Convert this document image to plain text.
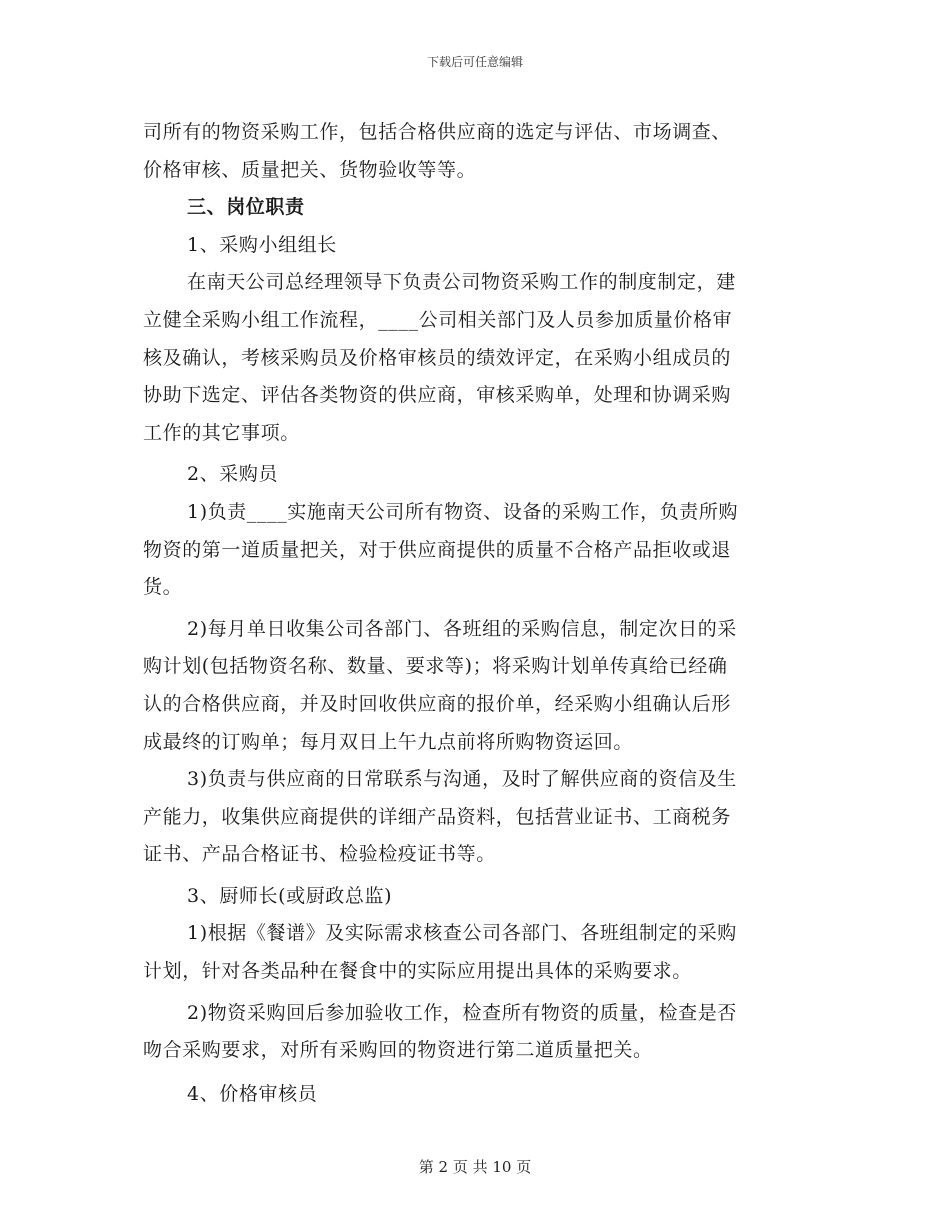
下载后可任意编辑
司所有的物资采购工作，包括合格供应商的选定与评估、市场调查、
价格审核、质量把关、货物验收等等。
三、岗位职责
1、采购小组组长
在南天公司总经理领导下负责公司物资采购工作的制度制定，建
立健全采购小组工作流程，____公司相关部门及人员参加质量价格审
核及确认，考核采购员及价格审核员的绩效评定，在采购小组成员的
协助下选定、评估各类物资的供应商，审核采购单，处理和协调采购
工作的其它事项。
2、采购员
1)负责____实施南天公司所有物资、设备的采购工作，负责所购
物资的第一道质量把关，对于供应商提供的质量不合格产品拒收或退
货。
2)每月单日收集公司各部门、各班组的采购信息，制定次日的采
购计划(包括物资名称、数量、要求等)；将采购计划单传真给已经确
认的合格供应商，并及时回收供应商的报价单，经采购小组确认后形
成最终的订购单；每月双日上午九点前将所购物资运回。
3)负责与供应商的日常联系与沟通，及时了解供应商的资信及生
产能力，收集供应商提供的详细产品资料，包括营业证书、工商税务
证书、产品合格证书、检验检疫证书等。
3、厨师长(或厨政总监)
1)根据《餐谱》及实际需求核查公司各部门、各班组制定的采购
计划，针对各类品种在餐食中的实际应用提出具体的采购要求。
2)物资采购回后参加验收工作，检查所有物资的质量，检查是否
吻合采购要求，对所有采购回的物资进行第二道质量把关。
4、价格审核员
第 2 页 共 10 页
